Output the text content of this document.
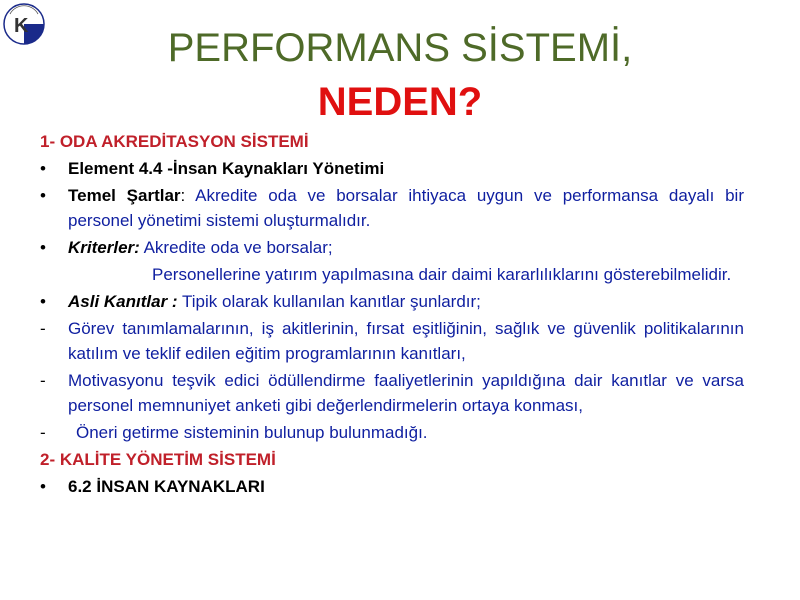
K	PERFORMANS SİSTEMİ,
NEDEN?
1- ODA AKREDİTASYON SİSTEMİ
•	Element 4.4 -İnsan Kaynakları Yönetimi
•	Temel Şartlar: Akredite oda ve borsalar ihtiyaca uygun ve performansa dayalı bir personel yönetimi sistemi oluşturmalıdır.
•	Kriterler: Akredite oda ve borsalar;
Personellerine yatırım yapılmasına dair daimi kararlılıklarını gösterebilmelidir.
•	Asli Kanıtlar : Tipik olarak kullanılan kanıtlar şunlardır;
-	Görev tanımlamalarının, iş akitlerinin, fırsat eşitliğinin, sağlık ve güvenlik politikalarının katılım ve teklif edilen eğitim programlarının kanıtları,
-	Motivasyonu teşvik edici ödüllendirme faaliyetlerinin yapıldığına dair kanıtlar ve varsa personel memnuniyet anketi gibi değerlendirmelerin ortaya konması,
-	Öneri getirme sisteminin bulunup bulunmadığı.
2- KALİTE YÖNETİM SİSTEMİ
•	6.2 İNSAN KAYNAKLARI
